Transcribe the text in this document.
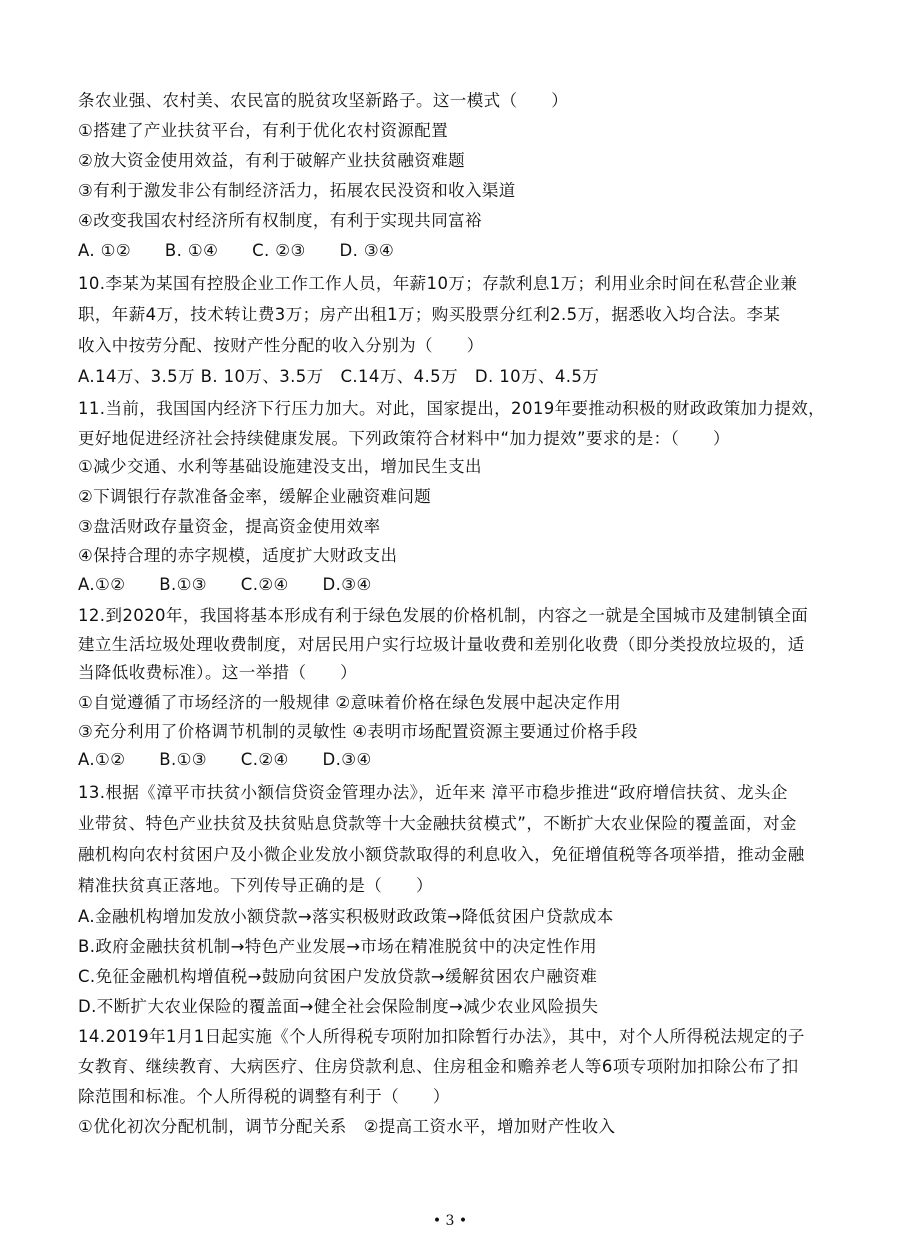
条农业强、农村美、农民富的脱贫攻坚新路子。这一模式（　　）
①搭建了产业扶贫平台，有利于优化农村资源配置
②放大资金使用效益，有利于破解产业扶贫融资难题
③有利于激发非公有制经济活力，拓展农民没资和收入渠道
④改变我国农村经济所有权制度，有利于实现共同富裕
A. ①②　　B. ①④　　C. ②③　　D. ③④
10.李某为某国有控股企业工作工作人员，年薪10万；存款利息1万；利用业余时间在私营企业兼
职，年薪4万，技术转让费3万；房产出租1万；购买股票分红利2.5万，据悉收入均合法。李某
收入中按劳分配、按财产性分配的收入分别为（　　）
A.14万、3.5万 B. 10万、3.5万　C.14万、4.5万　D. 10万、4.5万
11.当前，我国国内经济下行压力加大。对此，国家提出，2019年要推动积极的财政政策加力提效，
更好地促进经济社会持续健康发展。下列政策符合材料中“加力提效”要求的是：（　　）
①减少交通、水利等基础设施建没支出，增加民生支出
②下调银行存款准备金率，缓解企业融资难问题
③盘活财政存量资金，提高资金使用效率
④保持合理的赤字规模，适度扩大财政支出
A.①②　　B.①③　　C.②④　　D.③④
12.到2020年，我国将基本形成有利于绿色发展的价格机制，内容之一就是全国城市及建制镇全面
建立生活垃圾处理收费制度，对居民用户实行垃圾计量收费和差别化收费（即分类投放垃圾的，适
当降低收费标准）。这一举措（　　）
①自觉遵循了市场经济的一般规律 ②意味着价格在绿色发展中起决定作用
③充分利用了价格调节机制的灵敏性 ④表明市场配置资源主要通过价格手段
A.①②　　B.①③　　C.②④　　D.③④
13.根据《漳平市扶贫小额信贷资金管理办法》，近年来 漳平市稳步推进“政府增信扶贫、龙头企
业带贫、特色产业扶贫及扶贫贴息贷款等十大金融扶贫模式”，不断扩大农业保险的覆盖面，对金
融机构向农村贫困户及小微企业发放小额贷款取得的利息收入，免征增值税等各项举措，推动金融
精准扶贫真正落地。下列传导正确的是（　　）
A.金融机构增加发放小额贷款→落实积极财政政策→降低贫困户贷款成本
B.政府金融扶贫机制→特色产业发展→市场在精准脱贫中的决定性作用
C.免征金融机构增值税→鼓励向贫困户发放贷款→缓解贫困农户融资难
D.不断扩大农业保险的覆盖面→健全社会保险制度→减少农业风险损失
14.2019年1月1日起实施《个人所得税专项附加扣除暂行办法》，其中，对个人所得税法规定的子
女教育、继续教育、大病医疗、住房贷款利息、住房租金和赡养老人等6项专项附加扣除公布了扣
除范围和标准。个人所得税的调整有利于（　　）
①优化初次分配机制，调节分配关系　②提高工资水平，增加财产性收入
• 3 •
